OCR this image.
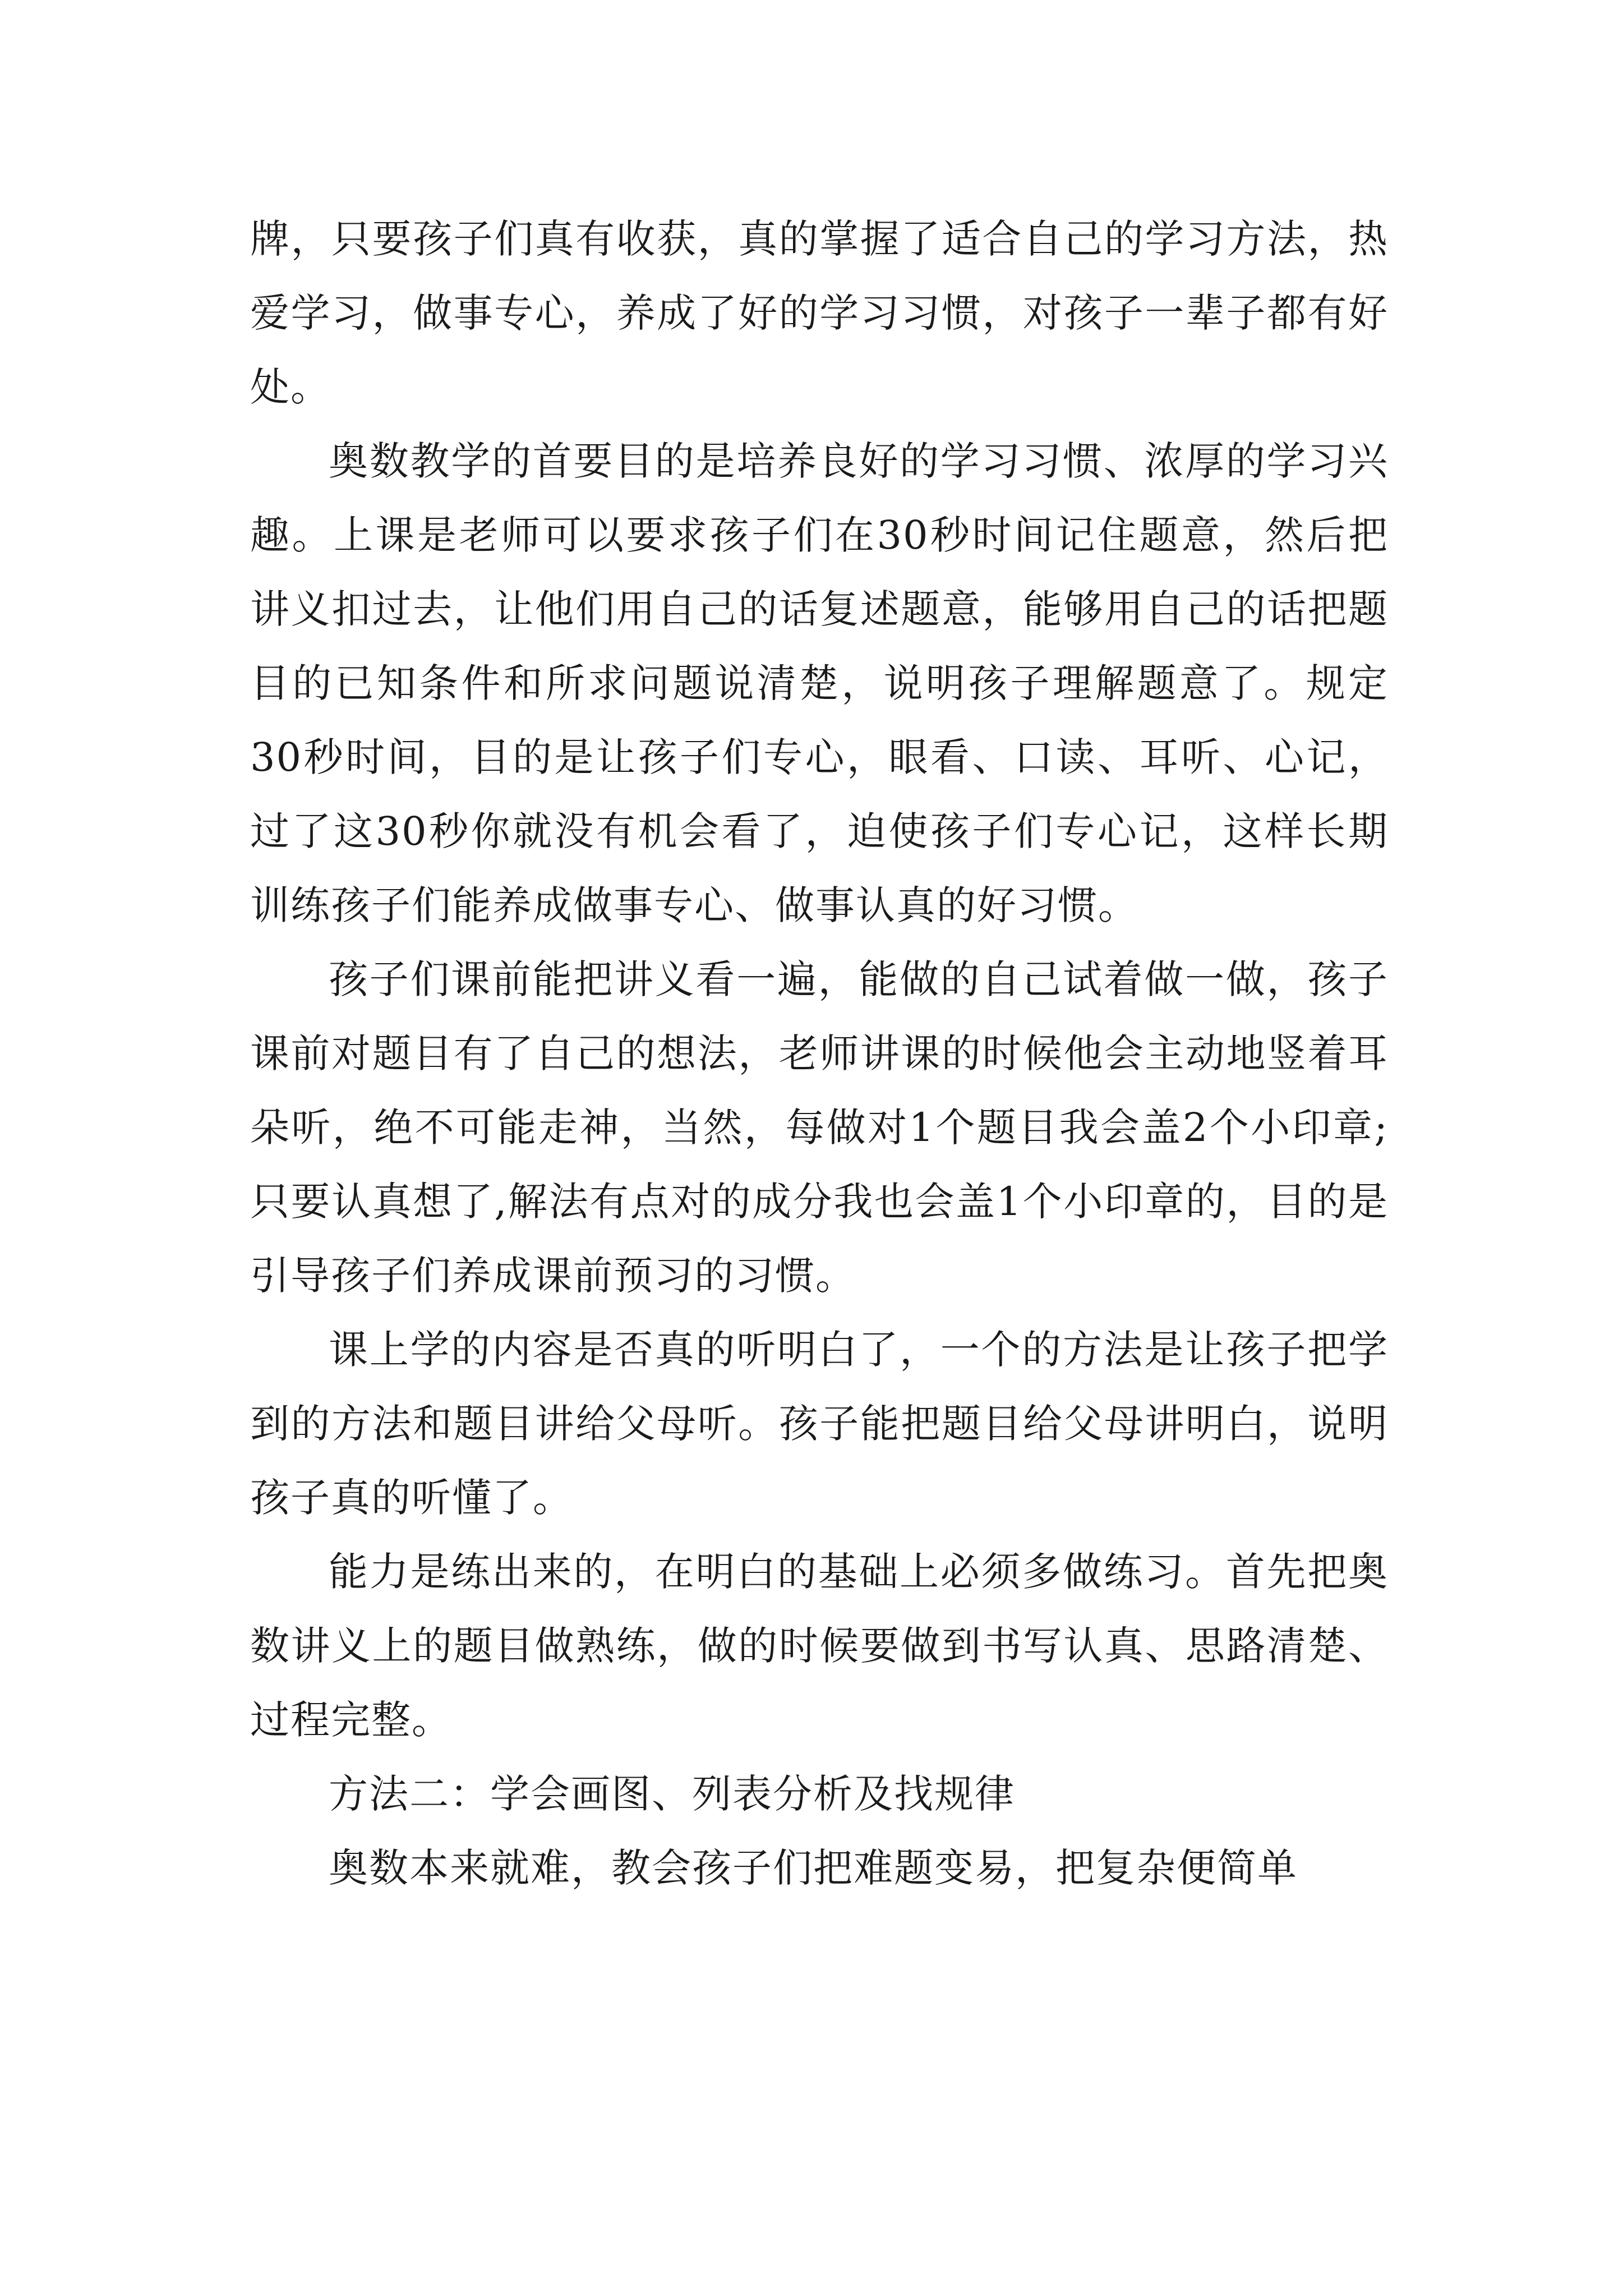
牌，只要孩子们真有收获，真的掌握了适合自己的学习方法，热爱学习，做事专心，养成了好的学习习惯，对孩子一辈子都有好处。

奥数教学的首要目的是培养良好的学习习惯、浓厚的学习兴趣。上课是老师可以要求孩子们在30秒时间记住题意，然后把讲义扣过去，让他们用自己的话复述题意，能够用自己的话把题目的已知条件和所求问题说清楚，说明孩子理解题意了。规定30秒时间，目的是让孩子们专心，眼看、口读、耳听、心记，过了这30秒你就没有机会看了，迫使孩子们专心记，这样长期训练孩子们能养成做事专心、做事认真的好习惯。

孩子们课前能把讲义看一遍，能做的自己试着做一做，孩子课前对题目有了自己的想法，老师讲课的时候他会主动地竖着耳朵听，绝不可能走神，当然，每做对1个题目我会盖2个小印章;只要认真想了,解法有点对的成分我也会盖1个小印章的，目的是引导孩子们养成课前预习的习惯。

课上学的内容是否真的听明白了，一个的方法是让孩子把学到的方法和题目讲给父母听。孩子能把题目给父母讲明白，说明孩子真的听懂了。

能力是练出来的，在明白的基础上必须多做练习。首先把奥数讲义上的题目做熟练，做的时候要做到书写认真、思路清楚、过程完整。

方法二：学会画图、列表分析及找规律

奥数本来就难，教会孩子们把难题变易，把复杂便简单
